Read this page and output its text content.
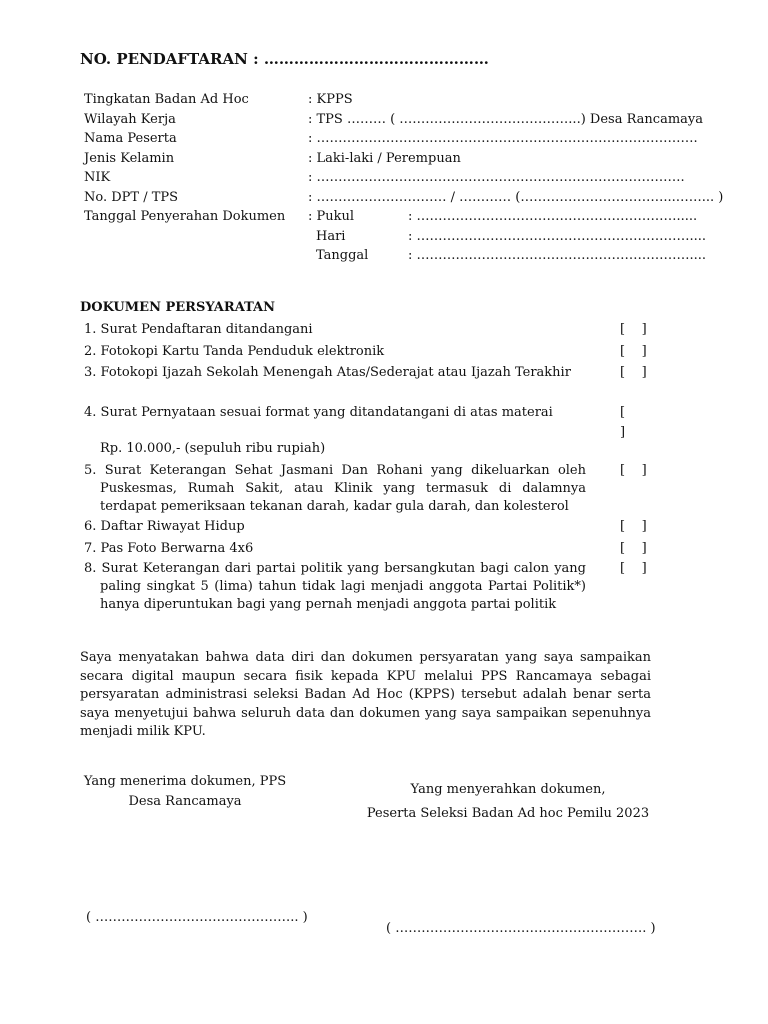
NO. PENDAFTARAN : ………………………………………
Tingkatan Badan Ad Hoc	: KPPS
Wilayah Kerja	: TPS ……… ( …………………………………...) Desa Rancamaya
Nama Peserta	: …………………………………………………………………………….
Jenis Kelamin	: Laki-laki / Perempuan
NIK	: ………………………………………………………………………….
No. DPT / TPS	: ………………………… / ………… (……………………………...……... )
Tanggal Penyerahan Dokumen : Pukul	: …………………………………………………….....
Hari	: ………………………………………………………....
Tanggal	: ………………………………………………………....
DOKUMEN PERSYARATAN
1. Surat Pendaftaran ditandangani	[    ]
2. Fotokopi Kartu Tanda Penduduk elektronik	[    ]
3. Fotokopi Ijazah Sekolah Menengah Atas/Sederajat atau Ijazah Terakhir	[    ]
4. Surat Pernyataan sesuai format yang ditandatangani di atas materai
Rp. 10.000,- (sepuluh ribu rupiah)
[ ]
5. Surat Keterangan Sehat Jasmani Dan Rohani yang dikeluarkan oleh Puskesmas, Rumah Sakit, atau Klinik yang termasuk di dalamnya terdapat pemeriksaan tekanan darah, kadar gula darah, dan kolesterol
[    ]
6. Daftar Riwayat Hidup	[    ]
7. Pas Foto Berwarna 4x6	[    ]
8. Surat Keterangan dari partai politik yang bersangkutan bagi calon yang paling singkat 5 (lima) tahun tidak lagi menjadi anggota Partai Politik*) hanya diperuntukan bagi yang pernah menjadi anggota partai politik
[    ]
Saya menyatakan bahwa data diri dan dokumen persyaratan yang saya sampaikan secara digital maupun secara fisik kepada KPU melalui PPS Rancamaya sebagai persyaratan administrasi seleksi Badan Ad Hoc (KPPS) tersebut adalah benar serta saya menyetujui bahwa seluruh data dan dokumen yang saya sampaikan sepenuhnya menjadi milik KPU.
Yang menerima dokumen, PPS
Desa Rancamaya
( ……………………………………….. )
Yang menyerahkan dokumen,
Peserta Seleksi Badan Ad hoc Pemilu 2023
( …………………………………………………. )
